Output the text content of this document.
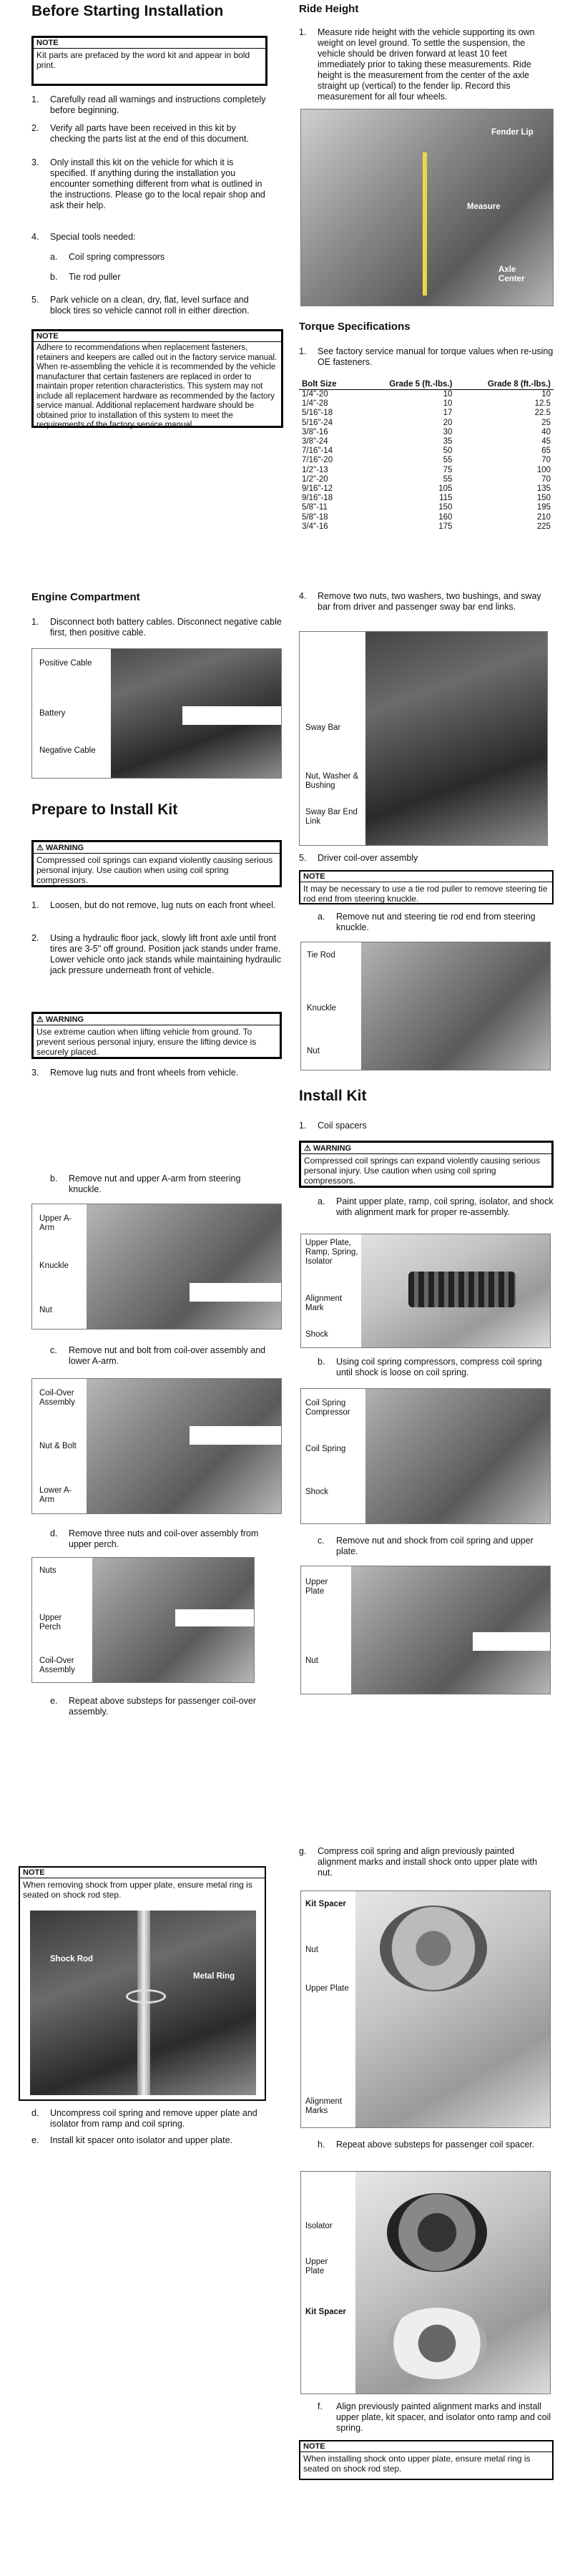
Before Starting Installation
NOTE
Kit parts are prefaced by the word kit and appear in bold print.
1. Carefully read all warnings and instructions completely before beginning.
2. Verify all parts have been received in this kit by checking the parts list at the end of this document.
3. Only install this kit on the vehicle for which it is specified. If anything during the installation you encounter something different from what is outlined in the instructions. Please go to the local repair shop and ask their help.
4. Special tools needed:
a. Coil spring compressors
b. Tie rod puller
5. Park vehicle on a clean, dry, flat, level surface and block tires so vehicle cannot roll in either direction.
NOTE
Adhere to recommendations when replacement fasteners, retainers and keepers are called out in the factory service manual. When re-assembling the vehicle it is recommended by the vehicle manufacturer that certain fasteners are replaced in order to maintain proper retention characteristics. This system may not include all replacement hardware as recommended by the factory service manual. Additional replacement hardware should be obtained prior to installation of this system to meet the requirements of the factory service manual.
Engine Compartment
1. Disconnect both battery cables. Disconnect negative cable first, then positive cable.
Positive Cable
Battery
Negative Cable
Prepare to Install Kit
⚠ WARNING
Compressed coil springs can expand violently causing serious personal injury. Use caution when using coil spring compressors.
1. Loosen, but do not remove, lug nuts on each front wheel.
2. Using a hydraulic floor jack, slowly lift front axle until front tires are 3-5" off ground. Position jack stands under frame. Lower vehicle onto jack stands while maintaining hydraulic jack pressure underneath front of vehicle.
⚠ WARNING
Use extreme caution when lifting vehicle from ground. To prevent serious personal injury, ensure the lifting device is securely placed.
3. Remove lug nuts and front wheels from vehicle.
b. Remove nut and upper A-arm from steering knuckle.
Upper A-Arm
Knuckle
Nut
c. Remove nut and bolt from coil-over assembly and lower A-arm.
Coil-Over Assembly
Nut & Bolt
Lower A-Arm
d. Remove three nuts and coil-over assembly from upper perch.
Nuts
Upper Perch
Coil-Over Assembly
e. Repeat above substeps for passenger coil-over assembly.
NOTE
When removing shock from upper plate, ensure metal ring is seated on shock rod step.
Shock Rod
Metal Ring
d. Uncompress coil spring and remove upper plate and isolator from ramp and coil spring.
e. Install kit spacer onto isolator and upper plate.
Ride Height
1. Measure ride height with the vehicle supporting its own weight on level ground. To settle the suspension, the vehicle should be driven forward at least 10 feet immediately prior to taking these measurements. Ride height is the measurement from the center of the axle straight up (vertical) to the fender lip. Record this measurement for all four wheels.
Fender Lip
Measure
Axle Center
Torque Specifications
1. See factory service manual for torque values when re-using OE fasteners.
Bolt Size	Grade 5 (ft.-lbs.)	Grade 8 (ft.-lbs.)
1/4"-20	10	10
1/4"-28	10	12.5
5/16"-18	17	22.5
5/16"-24	20	25
3/8"-16	30	40
3/8"-24	35	45
7/16"-14	50	65
7/16"-20	55	70
1/2"-13	75	100
1/2"-20	55	70
9/16"-12	105	135
9/16"-18	115	150
5/8"-11	150	195
5/8"-18	160	210
3/4"-16	175	225
4. Remove two nuts, two washers, two bushings, and sway bar from driver and passenger sway bar end links.
Sway Bar
Nut, Washer & Bushing
Sway Bar End Link
5. Driver coil-over assembly
NOTE
It may be necessary to use a tie rod puller to remove steering tie rod end from steering knuckle.
a. Remove nut and steering tie rod end from steering knuckle.
Tie Rod
Knuckle
Nut
Install Kit
1. Coil spacers
⚠ WARNING
Compressed coil springs can expand violently causing serious personal injury. Use caution when using coil spring compressors.
a. Paint upper plate, ramp, coil spring, isolator, and shock with alignment mark for proper re-assembly.
Upper Plate, Ramp, Spring, Isolator
Alignment Mark
Shock
b. Using coil spring compressors, compress coil spring until shock is loose on coil spring.
Coil Spring Compressor
Coil Spring
Shock
c. Remove nut and shock from coil spring and upper plate.
Upper Plate
Nut
g. Compress coil spring and align previously painted alignment marks and install shock onto upper plate with nut.
Kit Spacer
Nut
Upper Plate
Alignment Marks
h. Repeat above substeps for passenger coil spacer.
Isolator
Upper Plate
Kit Spacer
f. Align previously painted alignment marks and install upper plate, kit spacer, and isolator onto ramp and coil spring.
NOTE
When installing shock onto upper plate, ensure metal ring is seated on shock rod step.
